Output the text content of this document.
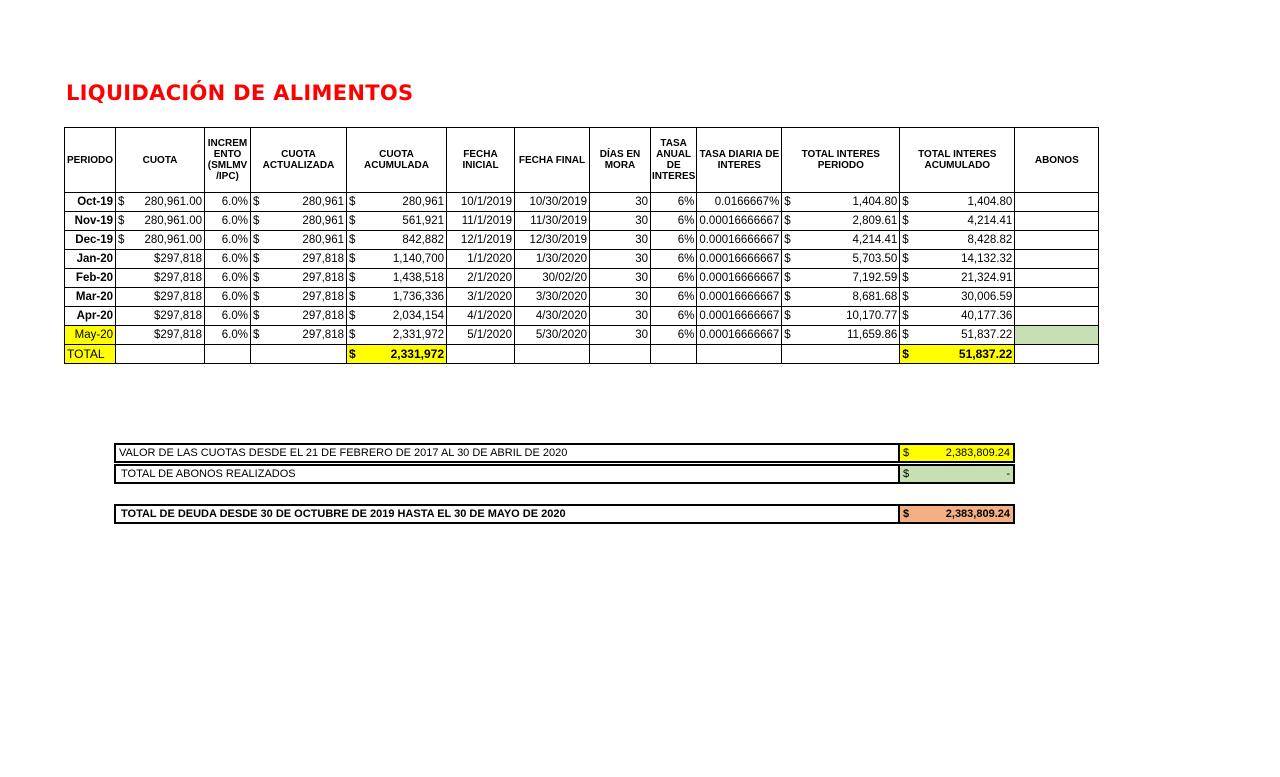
LIQUIDACIÓN DE ALIMENTOS
PERIODO	CUOTA	INCREM ENTO (SMLMV /IPC)	CUOTA ACTUALIZADA	CUOTA ACUMULADA	FECHA INICIAL	FECHA FINAL	DÍAS EN MORA	TASA ANUAL DE INTERES	TASA DIARIA DE INTERES	TOTAL INTERES PERIODO	TOTAL INTERES ACUMULADO	ABONOS
Oct-19	$ 280,961.00	6.0%	$ 280,961	$ 280,961	10/1/2019	10/30/2019	30	6%	0.0166667%	$ 1,404.80	$ 1,404.80	

Nov-19	$ 280,961.00	6.0%	$ 280,961	$ 561,921	11/1/2019	11/30/2019	30	6%	0.00016666667	$ 2,809.61	$ 4,214.41	

Dec-19	$ 280,961.00	6.0%	$ 280,961	$ 842,882	12/1/2019	12/30/2019	30	6%	0.00016666667	$ 4,214.41	$ 8,428.82	

Jan-20	$297,818	6.0%	$ 297,818	$ 1,140,700	1/1/2020	1/30/2020	30	6%	0.00016666667	$ 5,703.50	$ 14,132.32	

Feb-20	$297,818	6.0%	$ 297,818	$ 1,438,518	2/1/2020	30/02/20	30	6%	0.00016666667	$ 7,192.59	$ 21,324.91	

Mar-20	$297,818	6.0%	$ 297,818	$ 1,736,336	3/1/2020	3/30/2020	30	6%	0.00016666667	$ 8,681.68	$ 30,006.59	

Apr-20	$297,818	6.0%	$ 297,818	$ 2,034,154	4/1/2020	4/30/2020	30	6%	0.00016666667	$ 10,170.77	$ 40,177.36	

May-20	$297,818	6.0%	$ 297,818	$ 2,331,972	5/1/2020	5/30/2020	30	6%	0.00016666667	$ 11,659.86	$ 51,837.22	

TOTAL				$ 2,331,972							$ 51,837.22	

VALOR DE LAS CUOTAS DESDE EL 21 DE FEBRERO DE 2017 AL 30 DE ABRIL DE 2020	$	2,383,809.24
TOTAL DE ABONOS REALIZADOS	$	-
TOTAL DE DEUDA DESDE 30 DE OCTUBRE DE 2019 HASTA EL 30 DE MAYO DE 2020	$	2,383,809.24
